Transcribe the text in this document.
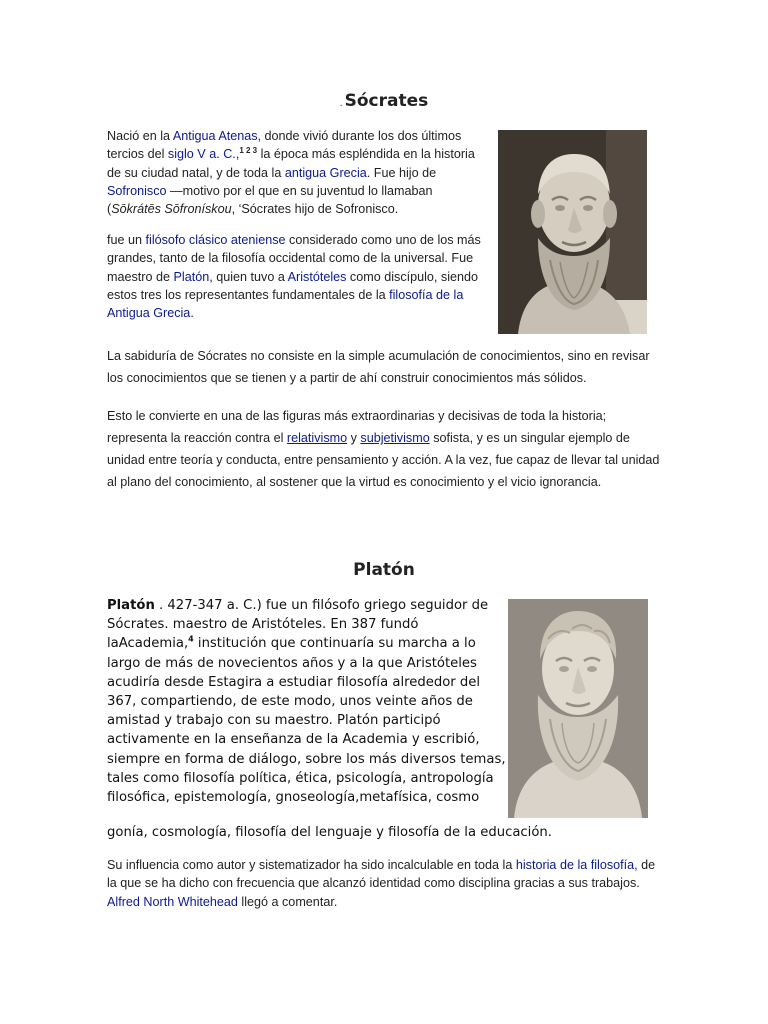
. Sócrates

Nació en la Antigua Atenas, donde vivió durante los dos últimos tercios del siglo V a. C.,$^{1 2 3}$ la época más espléndida en la historia de su ciudad natal, y de toda la antigua Grecia. Fue hijo de Sofronisco —motivo por el que en su juventud lo llamaban (Sōkrátēs Sōfronískou, ‘Sócrates hijo de Sofronisco.

fue un filósofo clásico ateniense considerado como uno de los más grandes, tanto de la filosofía occidental como de la universal. Fue maestro de Platón, quien tuvo a Aristóteles como discípulo, siendo estos tres los representantes fundamentales de la filosofía de la Antigua Grecia.

La sabiduría de Sócrates no consiste en la simple acumulación de conocimientos, sino en revisar los conocimientos que se tienen y a partir de ahí construir conocimientos más sólidos.

Esto le convierte en una de las figuras más extraordinarias y decisivas de toda la historia; representa la reacción contra el relativismo y subjetivismo sofista, y es un singular ejemplo de unidad entre teoría y conducta, entre pensamiento y acción. A la vez, fue capaz de llevar tal unidad al plano del conocimiento, al sostener que la virtud es conocimiento y el vicio ignorancia.

Platón

Platón . 427-347 a. C.) fue un filósofo griego seguidor de Sócrates. maestro de Aristóteles. En 387 fundó laAcademia,$^4$ institución que continuaría su marcha a lo largo de más de novecientos años y a la que Aristóteles acudiría desde Estagira a estudiar filosofía alrededor del 367, compartiendo, de este modo, unos veinte años de amistad y trabajo con su maestro. Platón participó activamente en la enseñanza de la Academia y escribió, siempre en forma de diálogo, sobre los más diversos temas, tales como filosofía política, ética, psicología, antropología filosófica, epistemología, gnoseología,metafísica, cosmo

gonía, cosmología, filosofía del lenguaje y filosofía de la educación.

Su influencia como autor y sistematizador ha sido incalculable en toda la historia de la filosofía, de la que se ha dicho con frecuencia que alcanzó identidad como disciplina gracias a sus trabajos. Alfred North Whitehead llegó a comentar.
